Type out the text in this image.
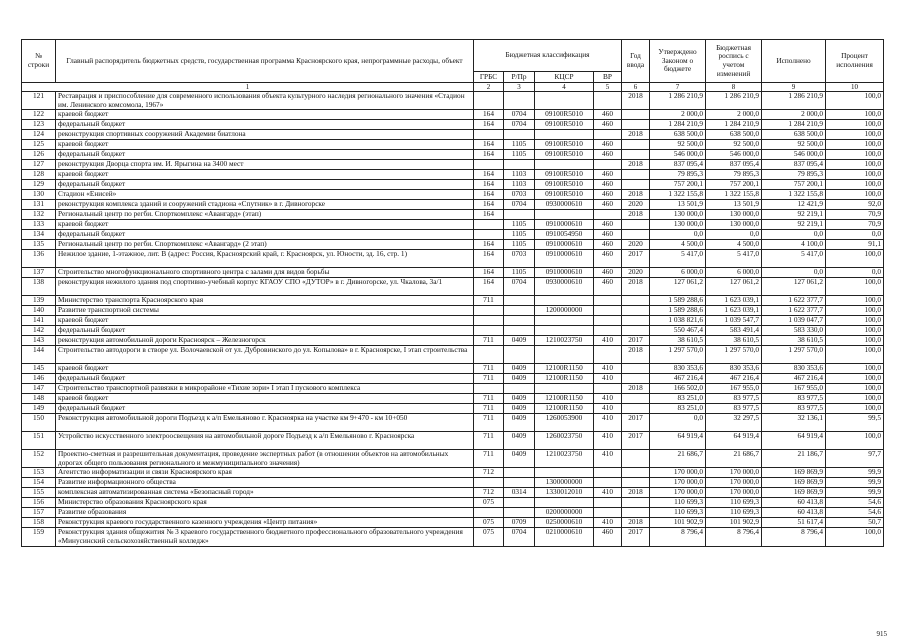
№ строки	Главный распорядитель бюджетных средств, государственная программа Красноярского края, непрограммные расходы, объект	Бюджетная классификация				Год ввода	Утверждено Законом о бюджете	Бюджетная роспись с учетом изменений	Исполнено	Процент исполнения
		ГРБС	Р/Пр	КЦСР	ВР					
1		2	3	4	5	6	7	8	9	10
121	Реставрация и приспособление для современного использования объекта культурного наследия регионального значения «Стадион им. Ленинского комсомола, 1967»					2018	1 286 210,9	1 286 210,9	1 286 210,9	100,0
122	краевой бюджет	164	0704	09100R5010	460		2 000,0	2 000,0	2 000,0	100,0
123	федеральный бюджет	164	0704	09100R5010	460		1 284 210,9	1 284 210,9	1 284 210,9	100,0
124	реконструкция спортивных сооружений Академии биатлона					2018	638 500,0	638 500,0	638 500,0	100,0
125	краевой бюджет	164	1105	09100R5010	460		92 500,0	92 500,0	92 500,0	100,0
126	федеральный бюджет	164	1105	09100R5010	460		546 000,0	546 000,0	546 000,0	100,0
127	реконструкция Дворца спорта им. И. Ярыгина на 3400 мест					2018	837 095,4	837 095,4	837 095,4	100,0
128	краевой бюджет	164	1103	09100R5010	460		79 895,3	79 895,3	79 895,3	100,0
129	федеральный бюджет	164	1103	09100R5010	460		757 200,1	757 200,1	757 200,1	100,0
130	Стадион «Енисей»	164	0703	09100R5010	460	2018	1 322 155,8	1 322 155,8	1 322 155,8	100,0
131	реконструкция комплекса зданий и сооружений стадиона «Спутник» в г. Дивногорске	164	0704	0930000610	460	2020	13 501,9	13 501,9	12 421,9	92,0
132	Региональный центр по регби. Спорткомплекс «Авангард» (этап)	164				2018	130 000,0	130 000,0	92 219,1	70,9
133	краевой бюджет		1105	0910000610	460		130 000,0	130 000,0	92 219,1	70,9
134	федеральный бюджет		1105	0910054950	460		0,0	0,0	0,0	0,0
135	Региональный центр по регби. Спорткомплекс «Авангард» (2 этап)	164	1105	0910000610	460	2020	4 500,0	4 500,0	4 100,0	91,1
136	Нежилое здание, 1-этажное, лит. В (адрес: Россия, Красноярский край, г. Красноярск, ул. Юности, зд. 16, стр. 1)	164	0703	0910000610	460	2017	5 417,0	5 417,0	5 417,0	100,0
137	Строительство многофункционального спортивного центра с залами для видов борьбы	164	1105	0910000610	460	2020	6 000,0	6 000,0	0,0	0,0
138	реконструкция нежилого здания под спортивно-учебный корпус КГАОУ СПО «ДУТОР» в г. Дивногорске, ул. Чкалова, 3а/1	164	0704	0930000610	460	2018	127 061,2	127 061,2	127 061,2	100,0
139	Министерство транспорта Красноярского края	711					1 589 288,6	1 623 039,1	1 622 377,7	100,0
140	Развитие транспортной системы			1200000000			1 589 288,6	1 623 039,1	1 622 377,7	100,0
141	краевой бюджет						1 038 821,6	1 039 547,7	1 039 047,7	100,0
142	федеральный бюджет						550 467,4	583 491,4	583 330,0	100,0
143	реконструкция автомобильной дороги Красноярск – Железногорск	711	0409	1210023750	410	2017	38 610,5	38 610,5	38 610,5	100,0
144	Строительство автодороги в створе ул. Волочаевской от ул. Дубровинского до ул. Копылова» в г. Красноярске, I этап строительства					2018	1 297 570,0	1 297 570,0	1 297 570,0	100,0
145	краевой бюджет	711	0409	12100R1150	410		830 353,6	830 353,6	830 353,6	100,0
146	федеральный бюджет	711	0409	12100R1150	410		467 216,4	467 216,4	467 216,4	100,0
147	Строительство транспортной развязки в микрорайоне «Тихие зори» I этап I пускового комплекса					2018	166 502,0	167 955,0	167 955,0	100,0
148	краевой бюджет	711	0409	12100R1150	410		83 251,0	83 977,5	83 977,5	100,0
149	федеральный бюджет	711	0409	12100R1150	410		83 251,0	83 977,5	83 977,5	100,0
150	Реконструкция автомобильной дороги Подъезд к а/п Емельяново г. Красноярка на участке км 9+470 - км 10+050	711	0409	1260053900	410	2017	0,0	32 297,5	32 136,1	99,5
151	Устройство искусственного электроосвещения на автомобильной дороге Подъезд к а/п Емельяново г. Красноярска	711	0409	1260023750	410	2017	64 919,4	64 919,4	64 919,4	100,0
152	Проектно-сметная и разрешительная документация, проведение экспертных работ (в отношении объектов на автомобильных дорогах общего пользования регионального и межмуниципального значения)	711	0409	1210023750	410		21 686,7	21 686,7	21 186,7	97,7
153	Агентство информатизации и связи Красноярского края	712					170 000,0	170 000,0	169 869,9	99,9
154	Развитие информационного общества			1300000000			170 000,0	170 000,0	169 869,9	99,9
155	комплексная автоматизированная система «Безопасный город»	712	0314	1330012010	410	2018	170 000,0	170 000,0	169 869,9	99,9
156	Министерство образования Красноярского края	075					110 699,3	110 699,3	60 413,8	54,6
157	Развитие образования			0200000000			110 699,3	110 699,3	60 413,8	54,6
158	Реконструкция краевого государственного казенного учреждения «Центр питания»	075	0709	0250000610	410	2018	101 902,9	101 902,9	51 617,4	50,7
159	Реконструкция здания общежития № 3 краевого государственного бюджетного профессионального образовательного учреждения «Минусинский сельскохозяйственный колледж»	075	0704	0210000610	460	2017	8 796,4	8 796,4	8 796,4	100,0
915
